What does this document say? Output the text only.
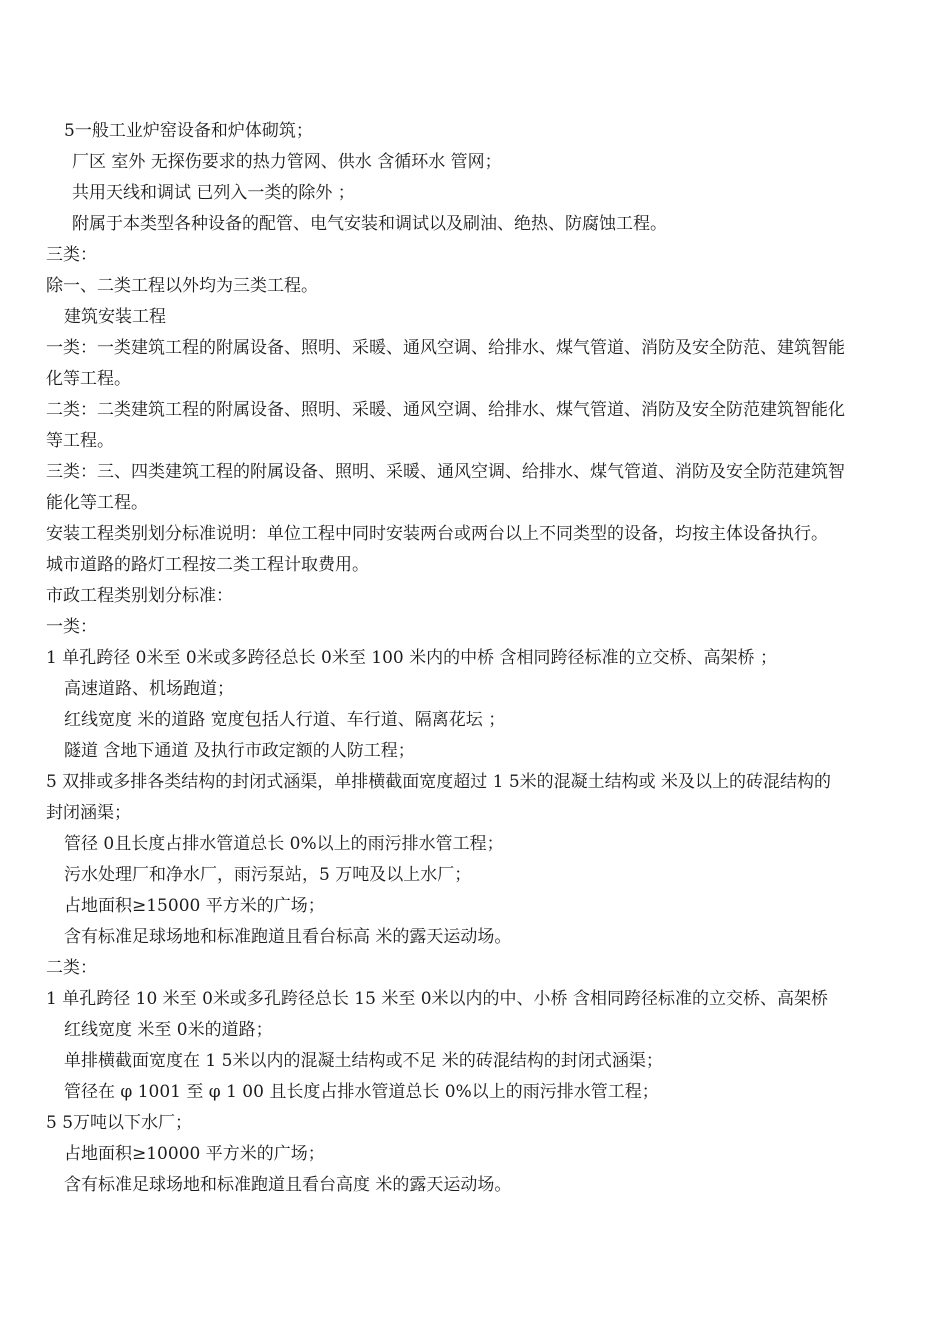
5一般工业炉窑设备和炉体砌筑；
厂区 室外 无探伤要求的热力管网、供水 含循环水 管网；
共用天线和调试 已列入一类的除外 ；
附属于本类型各种设备的配管、电气安装和调试以及刷油、绝热、防腐蚀工程。
三类：
除一、二类工程以外均为三类工程。
建筑安装工程
一类：一类建筑工程的附属设备、照明、采暖、通风空调、给排水、煤气管道、消防及安全防范、建筑智能
化等工程。
二类：二类建筑工程的附属设备、照明、采暖、通风空调、给排水、煤气管道、消防及安全防范建筑智能化
等工程。
三类：三、四类建筑工程的附属设备、照明、采暖、通风空调、给排水、煤气管道、消防及安全防范建筑智
能化等工程。
安装工程类别划分标准说明：单位工程中同时安装两台或两台以上不同类型的设备，均按主体设备执行。
城市道路的路灯工程按二类工程计取费用。
市政工程类别划分标准：
一类：
1 单孔跨径 0米至 0米或多跨径总长 0米至 100 米内的中桥 含相同跨径标准的立交桥、高架桥 ；
高速道路、机场跑道；
红线宽度 米的道路 宽度包括人行道、车行道、隔离花坛 ；
隧道 含地下通道 及执行市政定额的人防工程；
5 双排或多排各类结构的封闭式涵渠，单排横截面宽度超过 1 5米的混凝土结构或 米及以上的砖混结构的
封闭涵渠；
管径 0且长度占排水管道总长 0%以上的雨污排水管工程；
污水处理厂和净水厂，雨污泵站，5 万吨及以上水厂；
占地面积≥15000 平方米的广场；
含有标准足球场地和标准跑道且看台标高 米的露天运动场。
二类：
1 单孔跨径 10 米至 0米或多孔跨径总长 15 米至 0米以内的中、小桥 含相同跨径标准的立交桥、高架桥
红线宽度 米至 0米的道路；
单排横截面宽度在 1 5米以内的混凝土结构或不足 米的砖混结构的封闭式涵渠；
管径在 φ 1001 至 φ 1 00 且长度占排水管道总长 0%以上的雨污排水管工程；
5 5万吨以下水厂；
占地面积≥10000 平方米的广场；
含有标准足球场地和标准跑道且看台高度 米的露天运动场。
